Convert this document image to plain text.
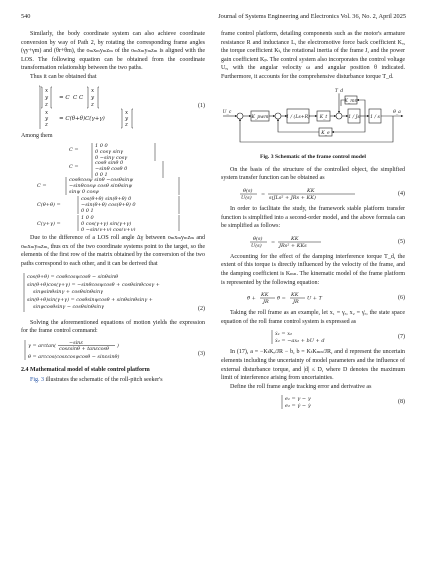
540	Journal of Systems Engineering and Electronics Vol. 36, No. 2, April 2025

Similarly, the body coordinate system can also achieve coordinate conversion by way of Path 2, by rotating the corresponding frame angles (γy+γm) and (θr+θm), the oₘxₘyₘzₘ of the oₘxₘyₘzₘ is aligned with the LOS. The following equation can be obtained from the coordinate transformation relationship between the two paths.

Thus it can be obtained that

x
y
z
= C C C
x
y
z
x
y
z
= C(θ+θ)C(γ+γ)
x
y
z
(1)

Among them

C =
1 0 0
0 cosγ sinγ
0 −sinγ cosγ
C =
cosθ sinθ 0
−sinθ cosθ 0
0 0 1
C =
cosθcosψ sinθ −cosθsinψ
−sinθcosψ cosθ sinθsinψ
sinψ 0 cosψ
C(θ+θ) =
cos(θ+θ) sin(θ+θ) 0
−sin(θ+θ) cos(θ+θ) 0
0 0 1
C(γ+γ) =
1 0 0
0 cos(γ+γ) sin(γ+γ)
0 −sin(γ+γ) cos(γ+γ)

Due to the difference of a LOS roll angle Δγ between oₘxₘyₘzₘ and oₘxₘyₘzₘ, thus αx of the two coordinate systems point to the target, so the elements of the first row of the matrix obtained by the conversion of the two paths correspond to each other, and it can be derived that

cos(θ+θ) = cosθcosψcosθ − sinθsinθ
sin(θ+θ)cos(γ+γ) = −sinθcosψcosθ + cosθsinθcosγ +
sinψsinθsinγ + cosθsinθsinγ
sin(θ+θ)sin(γ+γ) = cosθsinψcosθ + sinθsinθsinγ +
sinψcosθsinγ − cosθsinθsinγ	(2)

Solving the aforementioned equations of motion yields the expression for the frame control command:

γ = arctan(	−sinε
cosεsinθ + tanεcosθ )
θ = arccos(cosεcosψcosθ − sinεsinθ)	(3)

2.4 Mathematical model of stable control platform

Fig. 3 illustrates the schematic of the roll-pitch seeker's

frame control platform, detailing components such as the motor's armature resistance R and inductance L, the electromotive force back coefficient Kₑ, the torque coefficient Kₜ, the rotational inertia of the frame J, and the power gain coefficient Kₚ. The control system also incorporates the control voltage Uₑ, with the angular velocity ω and angular position θ indicated. Furthermore, it accounts for the comprehensive disturbance torque T_d.

U_c
K_pwm	1 / (Ls+R) K_t	1 / Js 1 / s
K_e
K_mn
T_d
θ_a

Fig. 3 Schematic of the frame control model

On the basis of the structure of the controlled object, the simplified system transfer function can be obtained as

θ(s)
U(s)
=
KK
s(JLs² + JRs + KK)
(4)

In order to facilitate the study, the framework stable platform transfer function is simplified into a second-order model, and the above formula can be simplified as follows:

θ(s)
U(s)
=
KK
JRs² + KKs
(5)

Accounting for the effect of the damping interference torque T_d, the extent of this torque is directly influenced by the velocity of the frame, and the damping coefficient is Kₘₙ. The kinematic model of the frame platform is represented by the following equation:

θ̈ +
KK
JR
θ̇ =
KK
JR
U + T	(6)

Taking the roll frame as an example, let x₁ = γₐ, x₂ = γ̇ₐ, the state space equation of the roll frame control system is expressed as

ẋ₁ = x₂
ẋ₂ = −ax₂ + bU + d
(7)

In (17), a = −KₜKₑ/JR − b, b = KₜKₘₙ/JR, and d represent the uncertain elements including the uncertainty of model parameters and the influence of external disturbance torque, and |d| ≤ D, where D denotes the maximum limit of interference arising from uncertainties.

Define the roll frame angle tracking error and derivative as

e₁ = γ − γ
e₂ = γ̇ − γ̇
(8)
